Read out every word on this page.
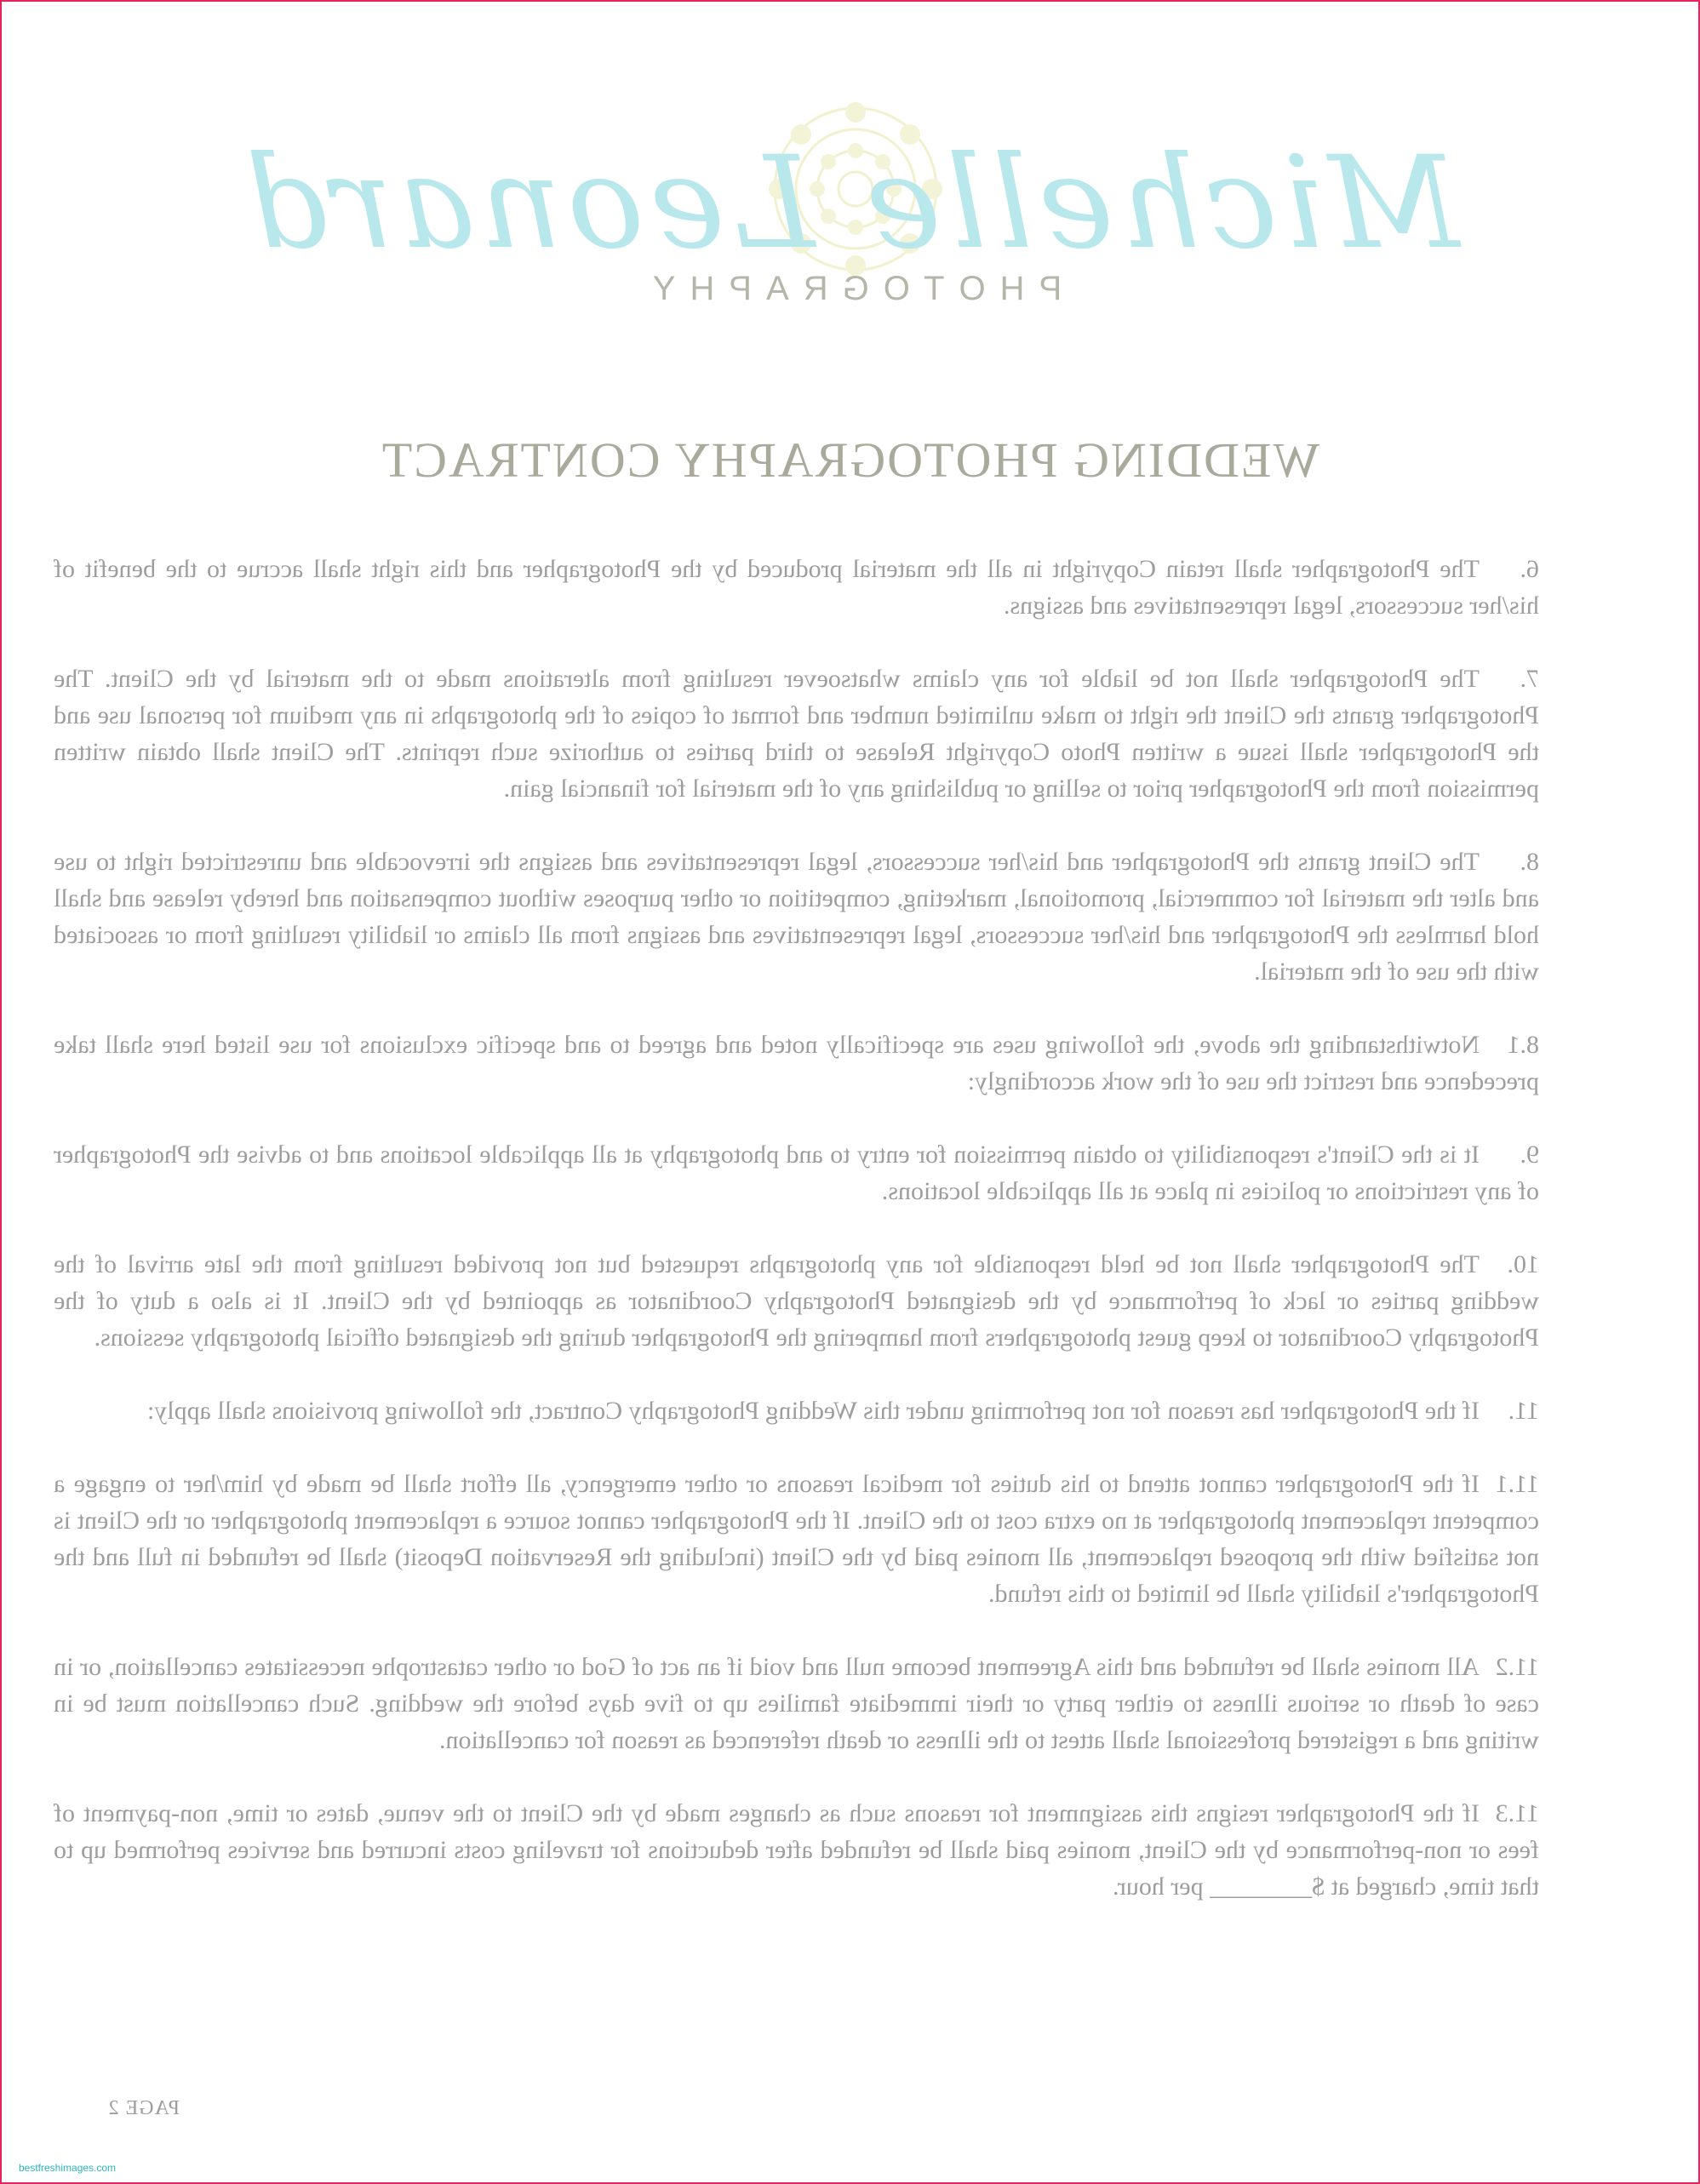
Michelle Leonard
PHOTOGRAPHY
WEDDING PHOTOGRAPHY CONTRACT

6.The Photographer shall retain Copyright in all the material produced by the Photographer and this right shall accrue to the benefit of his/her successors, legal representatives and assigns.

7.The Photographer shall not be liable for any claims whatsoever resulting from alterations made to the material by the Client. The Photographer grants the Client the right to make unlimited number and format of copies of the photographs in any medium for personal use and the Photographer shall issue a written Photo Copyright Release to third parties to authorize such reprints. The Client shall obtain written permission from the Photographer prior to selling or publishing any of the material for financial gain.

8.The Client grants the Photographer and his/her successors, legal representatives and assigns the irrevocable and unrestricted right to use and alter the material for commercial, promotional, marketing, competition or other purposes without compensation and hereby release and shall hold harmless the Photographer and his/her successors, legal representatives and assigns from all claims or liability resulting from or associated with the use of the material.

8.1Notwithstanding the above, the following uses are specifically noted and agreed to and specific exclusions for use listed here shall take precedence and restrict the use of the work accordingly:

9.It is the Client's responsibility to obtain permission for entry to and photography at all applicable locations and to advise the Photographer of any restrictions or policies in place at all applicable locations.

10.The Photographer shall not be held responsible for any photographs requested but not provided resulting from the late arrival of the wedding parties or lack of performance by the designated Photography Coordinator as appointed by the Client. It is also a duty of the Photography Coordinator to keep guest photographers from hampering the Photographer during the designated official photography sessions.

11.If the Photographer has reason for not performing under this Wedding Photography Contract, the following provisions shall apply:

11.1If the Photographer cannot attend to his duties for medical reasons or other emergency, all effort shall be made by him/her to engage a competent replacement photographer at no extra cost to the Client. If the Photographer cannot source a replacement photographer or the Client is not satisfied with the proposed replacement, all monies paid by the Client (including the Reservation Deposit) shall be refunded in full and the Photographer's liability shall be limited to this refund.

11.2All monies shall be refunded and this Agreement become null and void if an act of God or other catastrophe necessitates cancellation, or in case of death or serious illness to either party or their immediate families up to five days before the wedding. Such cancellation must be in writing and a registered professional shall attest to the illness or death referenced as reason for cancellation.

11.3If the Photographer resigns this assignment for reasons such as changes made by the Client to the venue, dates or time, non-payment of fees or non-performance by the Client, monies paid shall be refunded after deductions for traveling costs incurred and services performed up to that time, charged at $________ per hour.

PAGE 2
bestfreshimages.com
